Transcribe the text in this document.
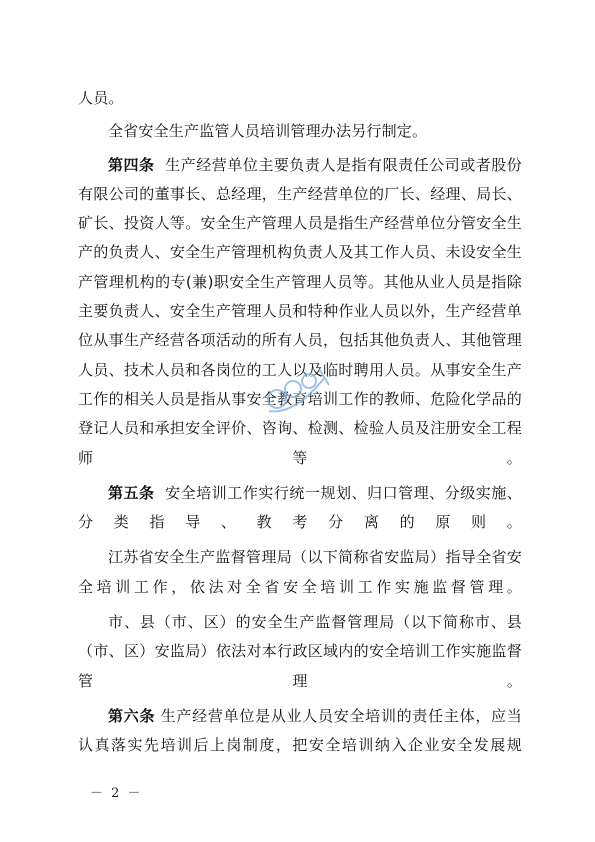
人员。

全省安全生产监管人员培训管理办法另行制定。

第四条 生产经营单位主要负责人是指有限责任公司或者股份有限公司的董事长、总经理，生产经营单位的厂长、经理、局长、矿长、投资人等。安全生产管理人员是指生产经营单位分管安全生产的负责人、安全生产管理机构负责人及其工作人员、未设安全生产管理机构的专(兼)职安全生产管理人员等。其他从业人员是指除主要负责人、安全生产管理人员和特种作业人员以外，生产经营单位从事生产经营各项活动的所有人员，包括其他负责人、其他管理人员、技术人员和各岗位的工人以及临时聘用人员。从事安全生产工作的相关人员是指从事安全教育培训工作的教师、危险化学品的登记人员和承担安全评价、咨询、检测、检验人员及注册安全工程师等。

第五条 安全培训工作实行统一规划、归口管理、分级实施、分类指导、教考分离的原则。

江苏省安全生产监督管理局（以下简称省安监局）指导全省安全培训工作，依法对全省安全培训工作实施监督管理。

市、县（市、区）的安全生产监督管理局（以下简称市、县（市、区）安监局）依法对本行政区域内的安全培训工作实施监督管理。

第六条 生产经营单位是从业人员安全培训的责任主体，应当认真落实先培训后上岗制度，把安全培训纳入企业安全发展规

－ 2 －
